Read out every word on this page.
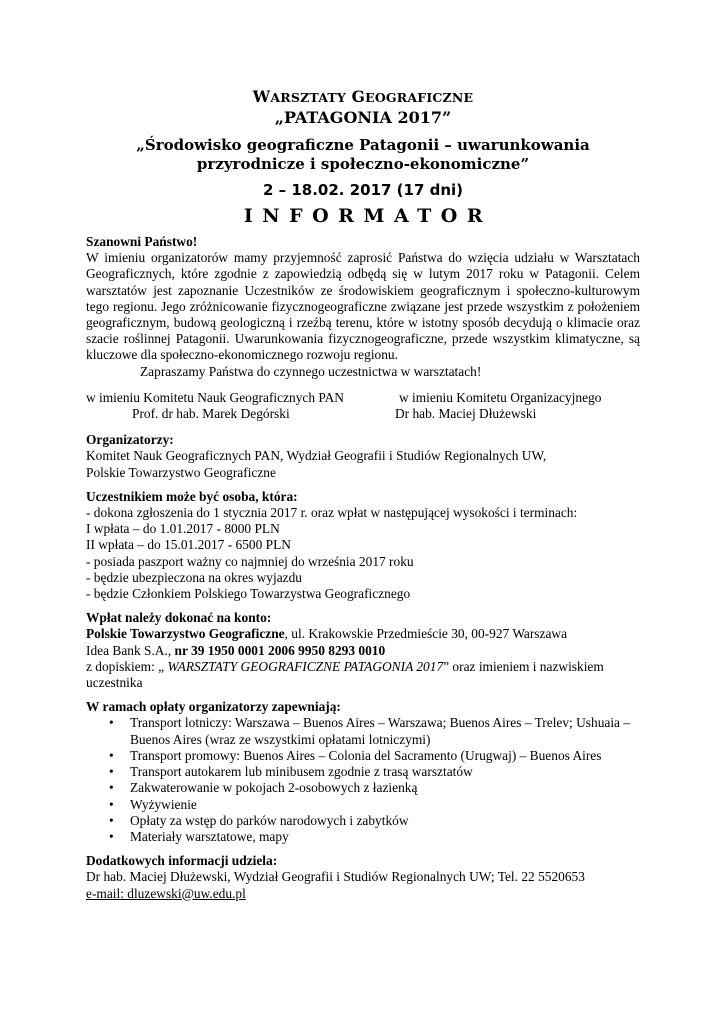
WARSZTATY GEOGRAFICZNE
„PATAGONIA 2017”
„Środowisko geograficzne Patagonii – uwarunkowania
przyrodnicze i społeczno-ekonomiczne”
2 – 18.02. 2017 (17 dni)
INFORMATOR
Szanowni Państwo!
W imieniu organizatorów mamy przyjemność zaprosić Państwa do wzięcia udziału w Warsztatach Geograficznych, które zgodnie z zapowiedzią odbędą się w lutym 2017 roku w Patagonii. Celem warsztatów jest zapoznanie Uczestników ze środowiskiem geograficznym i społeczno-kulturowym tego regionu. Jego zróżnicowanie fizycznogeograficzne związane jest przede wszystkim z położeniem geograficznym, budową geologiczną i rzeźbą terenu, które w istotny sposób decydują o klimacie oraz szacie roślinnej Patagonii. Uwarunkowania fizycznogeograficzne, przede wszystkim klimatyczne, są kluczowe dla społeczno-ekonomicznego rozwoju regionu.
Zapraszamy Państwa do czynnego uczestnictwa w warsztatach!
w imieniu Komitetu Nauk Geograficznych PAN
Prof. dr hab. Marek Degórski
w imieniu Komitetu Organizacyjnego
Dr hab. Maciej Dłużewski
Organizatorzy:
Komitet Nauk Geograficznych PAN, Wydział Geografii i Studiów Regionalnych UW,
Polskie Towarzystwo Geograficzne
Uczestnikiem może być osoba, która:
- dokona zgłoszenia do 1 stycznia 2017 r. oraz wpłat w następującej wysokości i terminach:
I wpłata – do 1.01.2017 - 8000 PLN
II wpłata – do 15.01.2017 - 6500 PLN
- posiada paszport ważny co najmniej do września 2017 roku
- będzie ubezpieczona na okres wyjazdu
- będzie Członkiem Polskiego Towarzystwa Geograficznego
Wpłat należy dokonać na konto:
Polskie Towarzystwo Geograficzne, ul. Krakowskie Przedmieście 30, 00-927 Warszawa
Idea Bank S.A., nr 39 1950 0001 2006 9950 8293 0010
z dopiskiem: „ WARSZTATY GEOGRAFICZNE PATAGONIA 2017” oraz imieniem i nazwiskiem uczestnika
W ramach opłaty organizatorzy zapewniają:
• Transport lotniczy: Warszawa – Buenos Aires – Warszawa; Buenos Aires – Trelev; Ushuaia – Buenos Aires (wraz ze wszystkimi opłatami lotniczymi)
• Transport promowy: Buenos Aires – Colonia del Sacramento (Urugwaj) – Buenos Aires
• Transport autokarem lub minibusem zgodnie z trasą warsztatów
• Zakwaterowanie w pokojach 2-osobowych z łazienką
• Wyżywienie
• Opłaty za wstęp do parków narodowych i zabytków
• Materiały warsztatowe, mapy
Dodatkowych informacji udziela:
Dr hab. Maciej Dłużewski, Wydział Geografii i Studiów Regionalnych UW; Tel. 22 5520653
e-mail: dluzewski@uw.edu.pl
